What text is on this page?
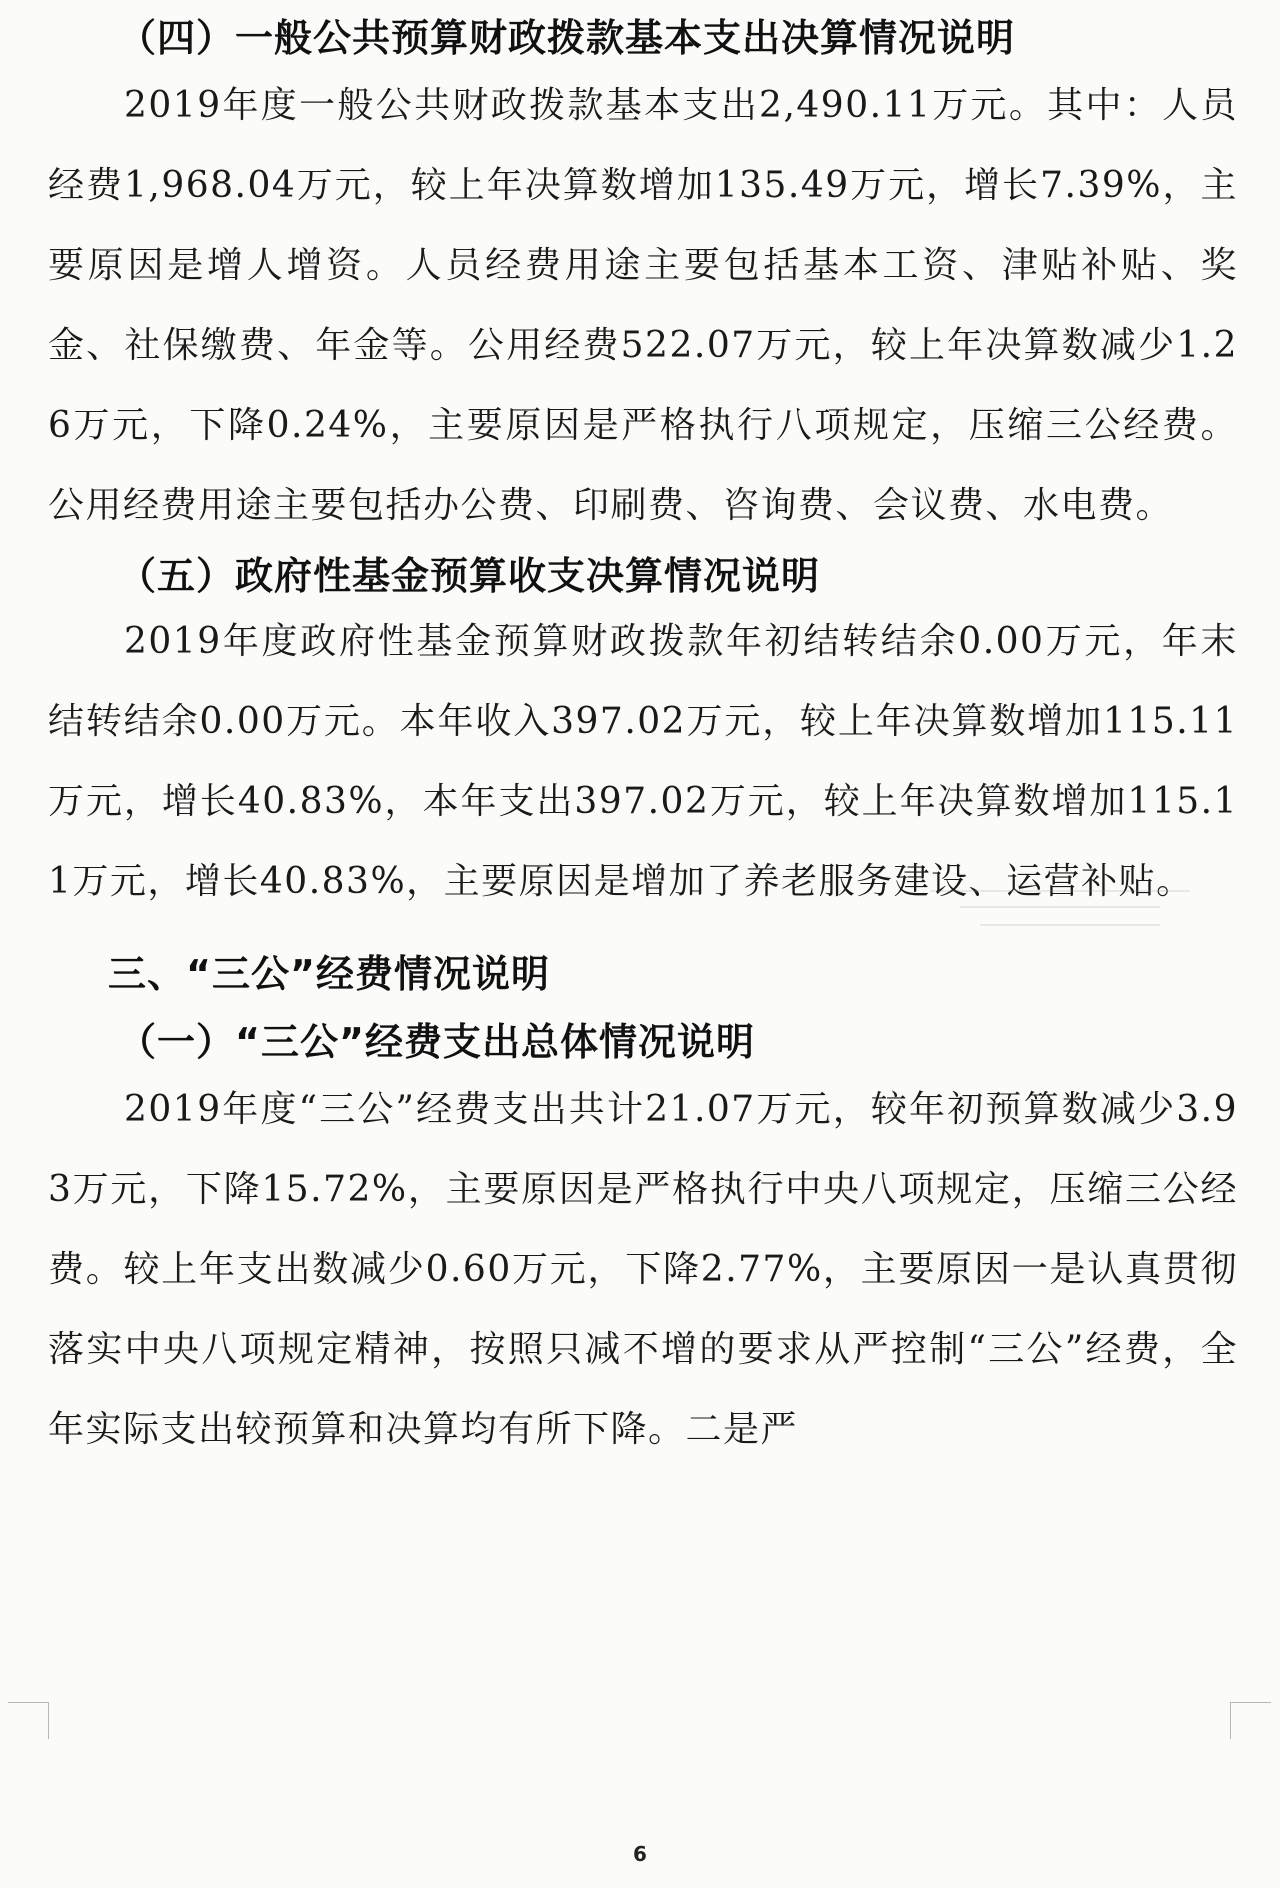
（四）一般公共预算财政拨款基本支出决算情况说明
2019年度一般公共财政拨款基本支出2,490.11万元。其中：人员经费1,968.04万元，较上年决算数增加135.49万元，增长7.39%，主要原因是增人增资。人员经费用途主要包括基本工资、津贴补贴、奖金、社保缴费、年金等。公用经费522.07万元，较上年决算数减少1.26万元，下降0.24%，主要原因是严格执行八项规定，压缩三公经费。公用经费用途主要包括办公费、印刷费、咨询费、会议费、水电费。
（五）政府性基金预算收支决算情况说明
2019年度政府性基金预算财政拨款年初结转结余0.00万元，年末结转结余0.00万元。本年收入397.02万元，较上年决算数增加115.11万元，增长40.83%，本年支出397.02万元，较上年决算数增加115.11万元，增长40.83%，主要原因是增加了养老服务建设、运营补贴。
三、“三公”经费情况说明
（一）“三公”经费支出总体情况说明
2019年度“三公”经费支出共计21.07万元，较年初预算数减少3.93万元，下降15.72%，主要原因是严格执行中央八项规定，压缩三公经费。较上年支出数减少0.60万元，下降2.77%，主要原因一是认真贯彻落实中央八项规定精神，按照只减不增的要求从严控制“三公”经费，全年实际支出较预算和决算均有所下降。二是严
6
